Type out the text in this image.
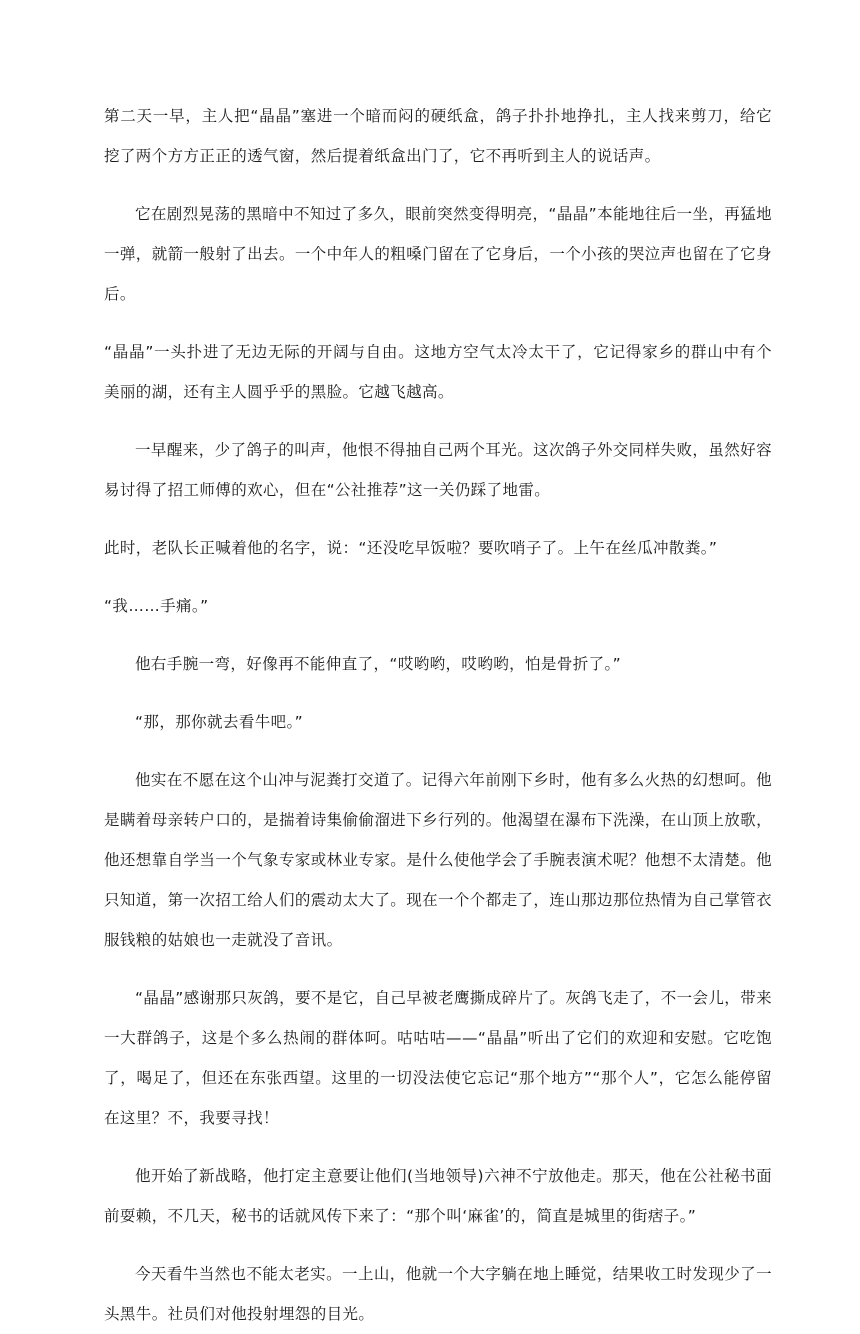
第二天一早，主人把“晶晶”塞进一个暗而闷的硬纸盒，鸽子扑扑地挣扎，主人找来剪刀，给它挖了两个方方正正的透气窗，然后提着纸盒出门了，它不再听到主人的说话声。

它在剧烈晃荡的黑暗中不知过了多久，眼前突然变得明亮，“晶晶”本能地往后一坐，再猛地一弹，就箭一般射了出去。一个中年人的粗嗓门留在了它身后，一个小孩的哭泣声也留在了它身后。

“晶晶”一头扑进了无边无际的开阔与自由。这地方空气太冷太干了，它记得家乡的群山中有个美丽的湖，还有主人圆乎乎的黑脸。它越飞越高。

一早醒来，少了鸽子的叫声，他恨不得抽自己两个耳光。这次鸽子外交同样失败，虽然好容易讨得了招工师傅的欢心，但在“公社推荐”这一关仍踩了地雷。

此时，老队长正喊着他的名字，说：“还没吃早饭啦？要吹哨子了。上午在丝瓜冲散粪。”

“我……手痛。”

他右手腕一弯，好像再不能伸直了，“哎哟哟，哎哟哟，怕是骨折了。”

“那，那你就去看牛吧。”

他实在不愿在这个山冲与泥粪打交道了。记得六年前刚下乡时，他有多么火热的幻想呵。他是瞒着母亲转户口的，是揣着诗集偷偷溜进下乡行列的。他渴望在瀑布下洗澡，在山顶上放歌，他还想靠自学当一个气象专家或林业专家。是什么使他学会了手腕表演术呢？他想不太清楚。他只知道，第一次招工给人们的震动太大了。现在一个个都走了，连山那边那位热情为自己掌管衣服钱粮的姑娘也一走就没了音讯。

“晶晶”感谢那只灰鸽，要不是它，自己早被老鹰撕成碎片了。灰鸽飞走了，不一会儿，带来一大群鸽子，这是个多么热闹的群体呵。咕咕咕——“晶晶”听出了它们的欢迎和安慰。它吃饱了，喝足了，但还在东张西望。这里的一切没法使它忘记“那个地方”“那个人”，它怎么能停留在这里？不，我要寻找！

他开始了新战略，他打定主意要让他们(当地领导)六神不宁放他走。那天，他在公社秘书面前耍赖，不几天，秘书的话就风传下来了：“那个叫‘麻雀’的，简直是城里的街痞子。”

今天看牛当然也不能太老实。一上山，他就一个大字躺在地上睡觉，结果收工时发现少了一头黑牛。社员们对他投射埋怨的目光。
